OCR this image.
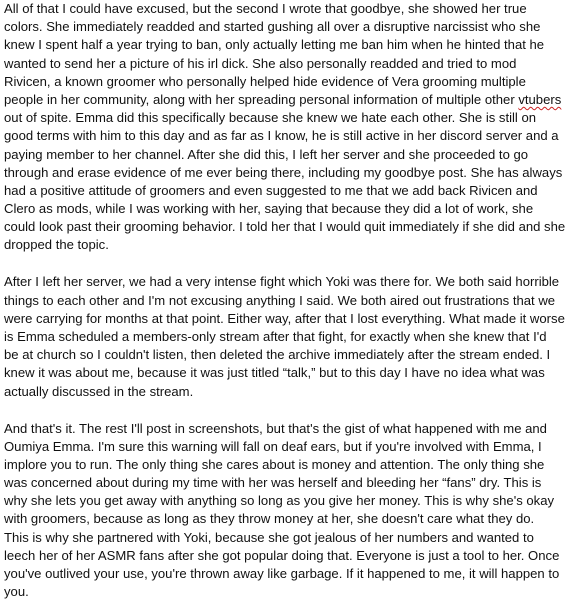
All of that I could have excused, but the second I wrote that goodbye, she showed her true
colors. She immediately readded and started gushing all over a disruptive narcissist who she
knew I spent half a year trying to ban, only actually letting me ban him when he hinted that he
wanted to send her a picture of his irl dick. She also personally readded and tried to mod
Rivicen, a known groomer who personally helped hide evidence of Vera grooming multiple
people in her community, along with her spreading personal information of multiple other vtubers
out of spite. Emma did this specifically because she knew we hate each other. She is still on
good terms with him to this day and as far as I know, he is still active in her discord server and a
paying member to her channel. After she did this, I left her server and she proceeded to go
through and erase evidence of me ever being there, including my goodbye post. She has always
had a positive attitude of groomers and even suggested to me that we add back Rivicen and
Clero as mods, while I was working with her, saying that because they did a lot of work, she
could look past their grooming behavior. I told her that I would quit immediately if she did and she
dropped the topic.
After I left her server, we had a very intense fight which Yoki was there for. We both said horrible
things to each other and I'm not excusing anything I said. We both aired out frustrations that we
were carrying for months at that point. Either way, after that I lost everything. What made it worse
is Emma scheduled a members-only stream after that fight, for exactly when she knew that I'd
be at church so I couldn't listen, then deleted the archive immediately after the stream ended. I
knew it was about me, because it was just titled “talk,” but to this day I have no idea what was
actually discussed in the stream.
And that's it. The rest I'll post in screenshots, but that's the gist of what happened with me and
Oumiya Emma. I'm sure this warning will fall on deaf ears, but if you're involved with Emma, I
implore you to run. The only thing she cares about is money and attention. The only thing she
was concerned about during my time with her was herself and bleeding her “fans” dry. This is
why she lets you get away with anything so long as you give her money. This is why she's okay
with groomers, because as long as they throw money at her, she doesn't care what they do.
This is why she partnered with Yoki, because she got jealous of her numbers and wanted to
leech her of her ASMR fans after she got popular doing that. Everyone is just a tool to her. Once
you've outlived your use, you're thrown away like garbage. If it happened to me, it will happen to
you.
